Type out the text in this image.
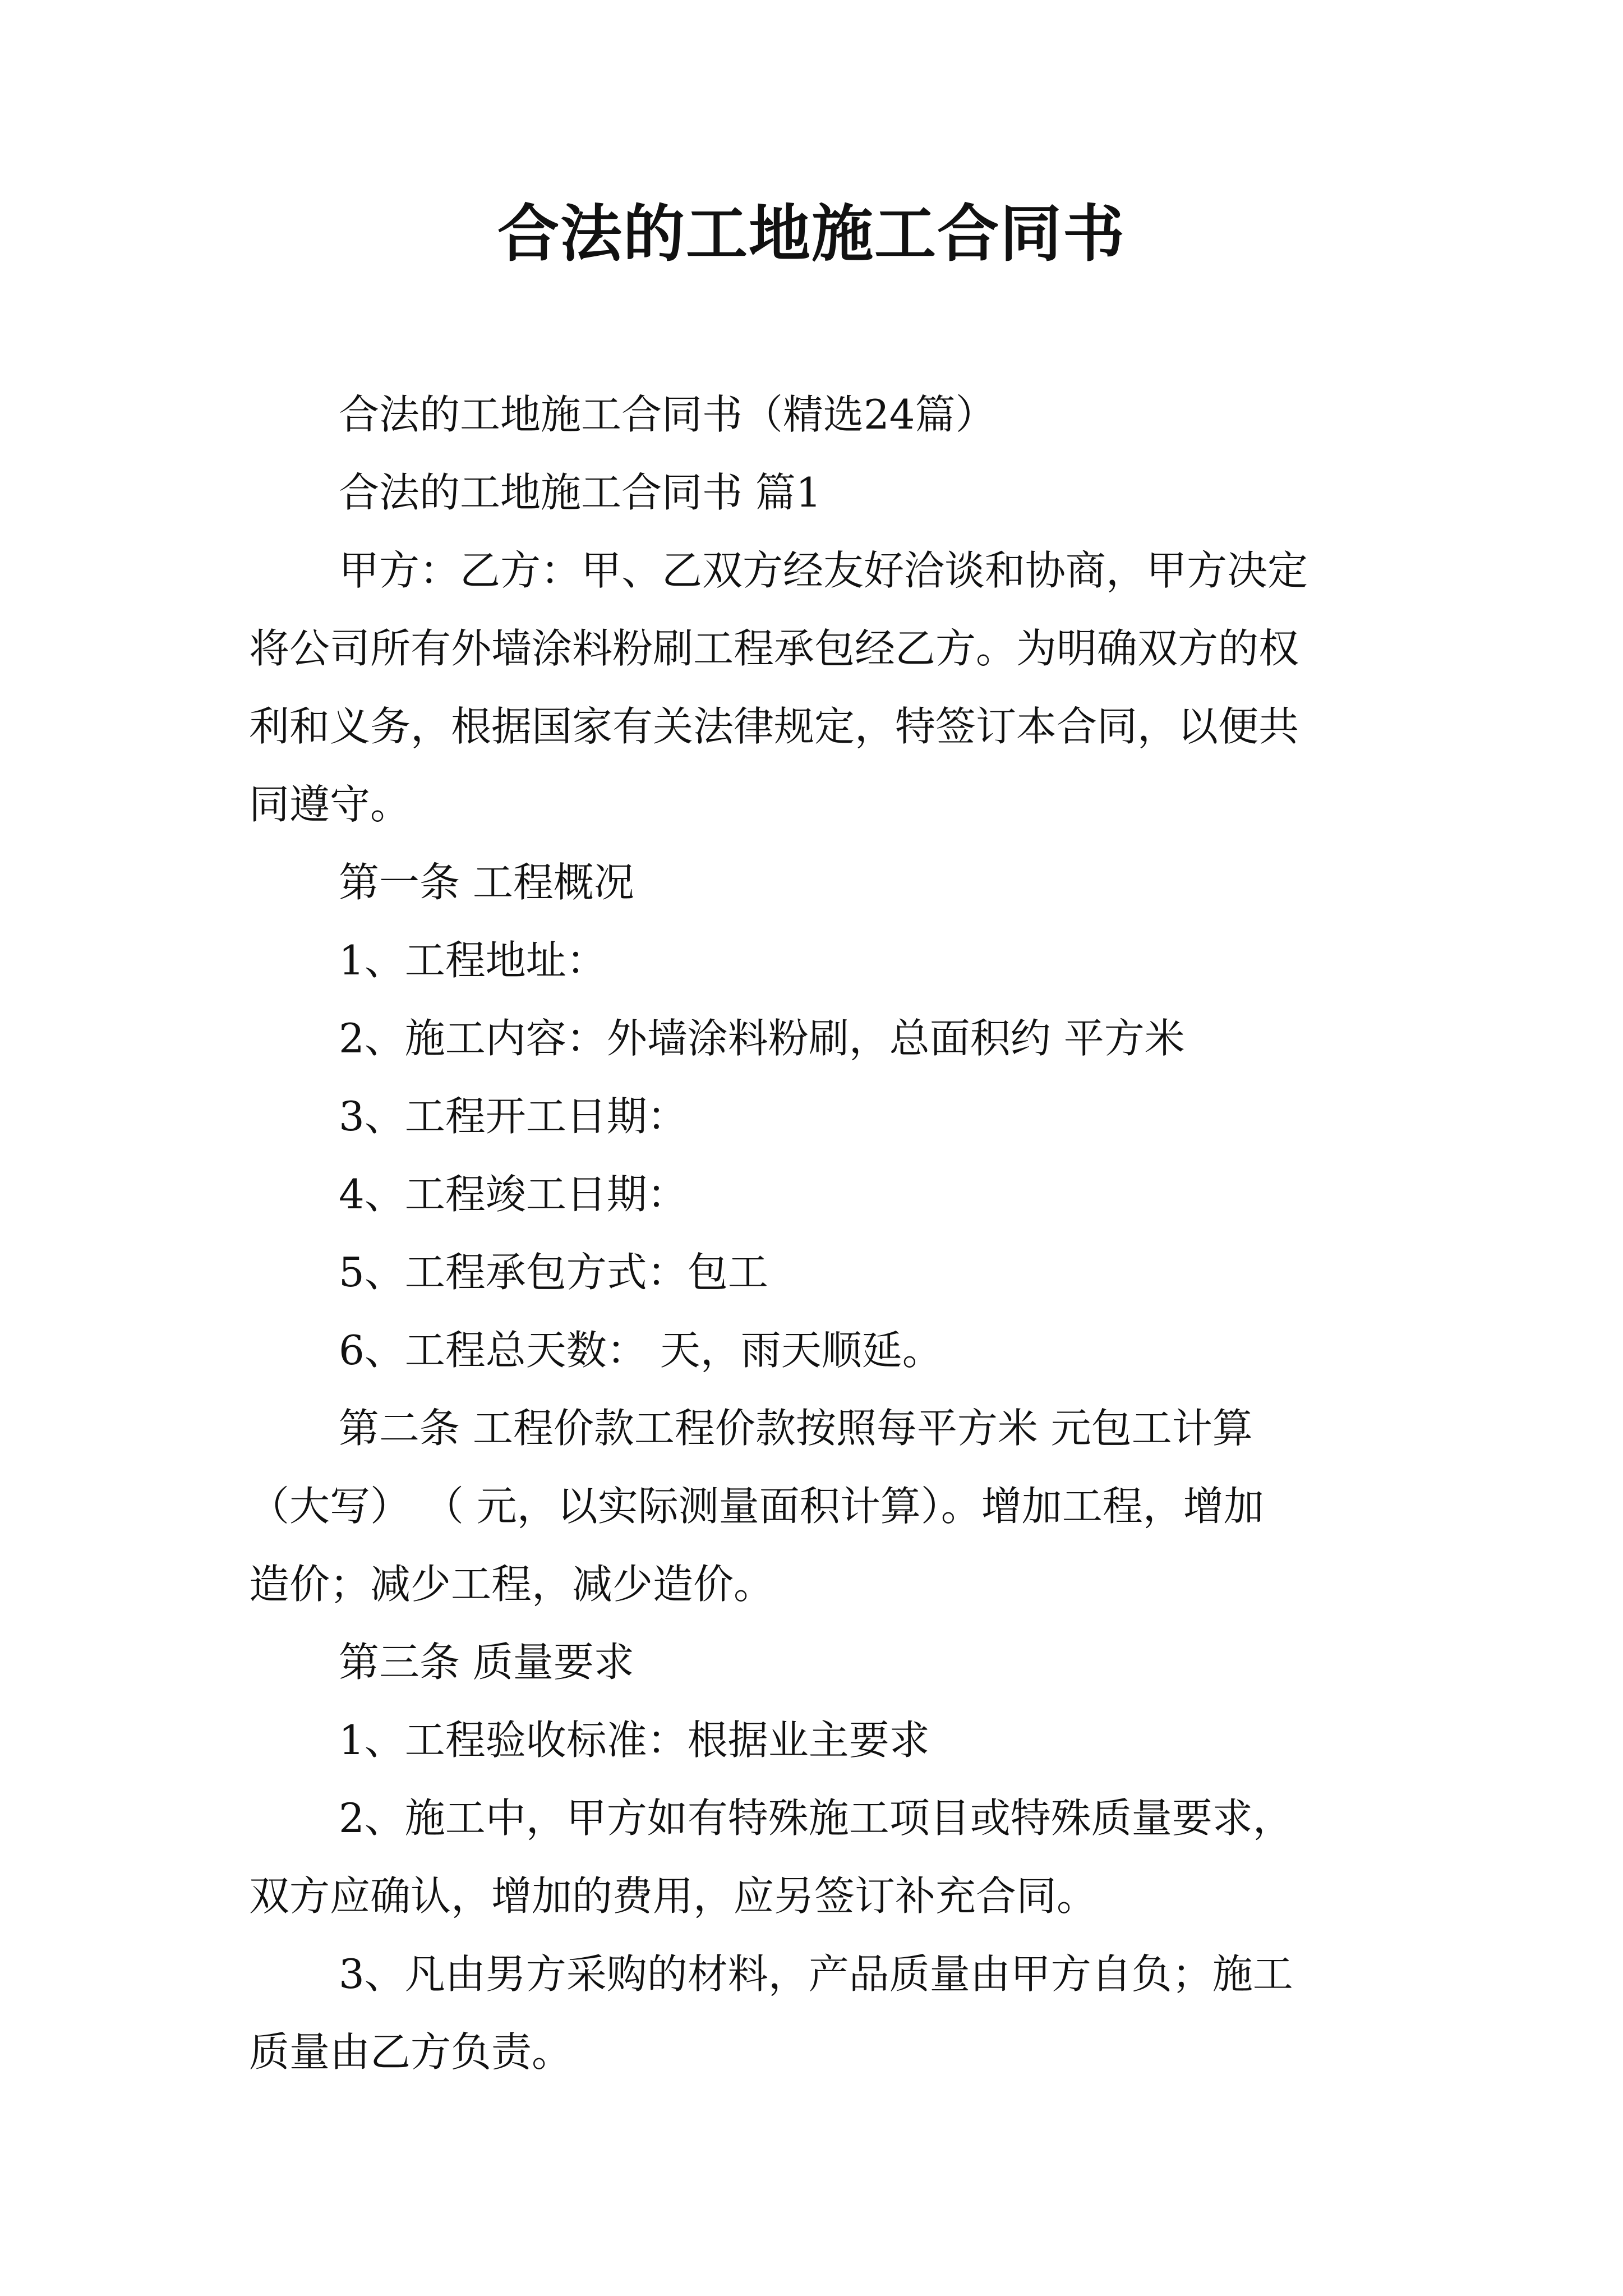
合法的工地施工合同书
合法的工地施工合同书（精选24篇）
合法的工地施工合同书 篇1
甲方：乙方：甲、乙双方经友好洽谈和协商，甲方决定
将公司所有外墙涂料粉刷工程承包经乙方。为明确双方的权
利和义务，根据国家有关法律规定，特签订本合同，以便共
同遵守。
第一条 工程概况
1、工程地址：
2、施工内容：外墙涂料粉刷，总面积约 平方米
3、工程开工日期：
4、工程竣工日期：
5、工程承包方式：包工
6、工程总天数： 天，雨天顺延。
第二条 工程价款工程价款按照每平方米 元包工计算
（大写） （ 元，以实际测量面积计算）。增加工程，增加
造价；减少工程，减少造价。
第三条 质量要求
1、工程验收标准：根据业主要求
2、施工中，甲方如有特殊施工项目或特殊质量要求，
双方应确认，增加的费用，应另签订补充合同。
3、凡由男方采购的材料，产品质量由甲方自负；施工
质量由乙方负责。
